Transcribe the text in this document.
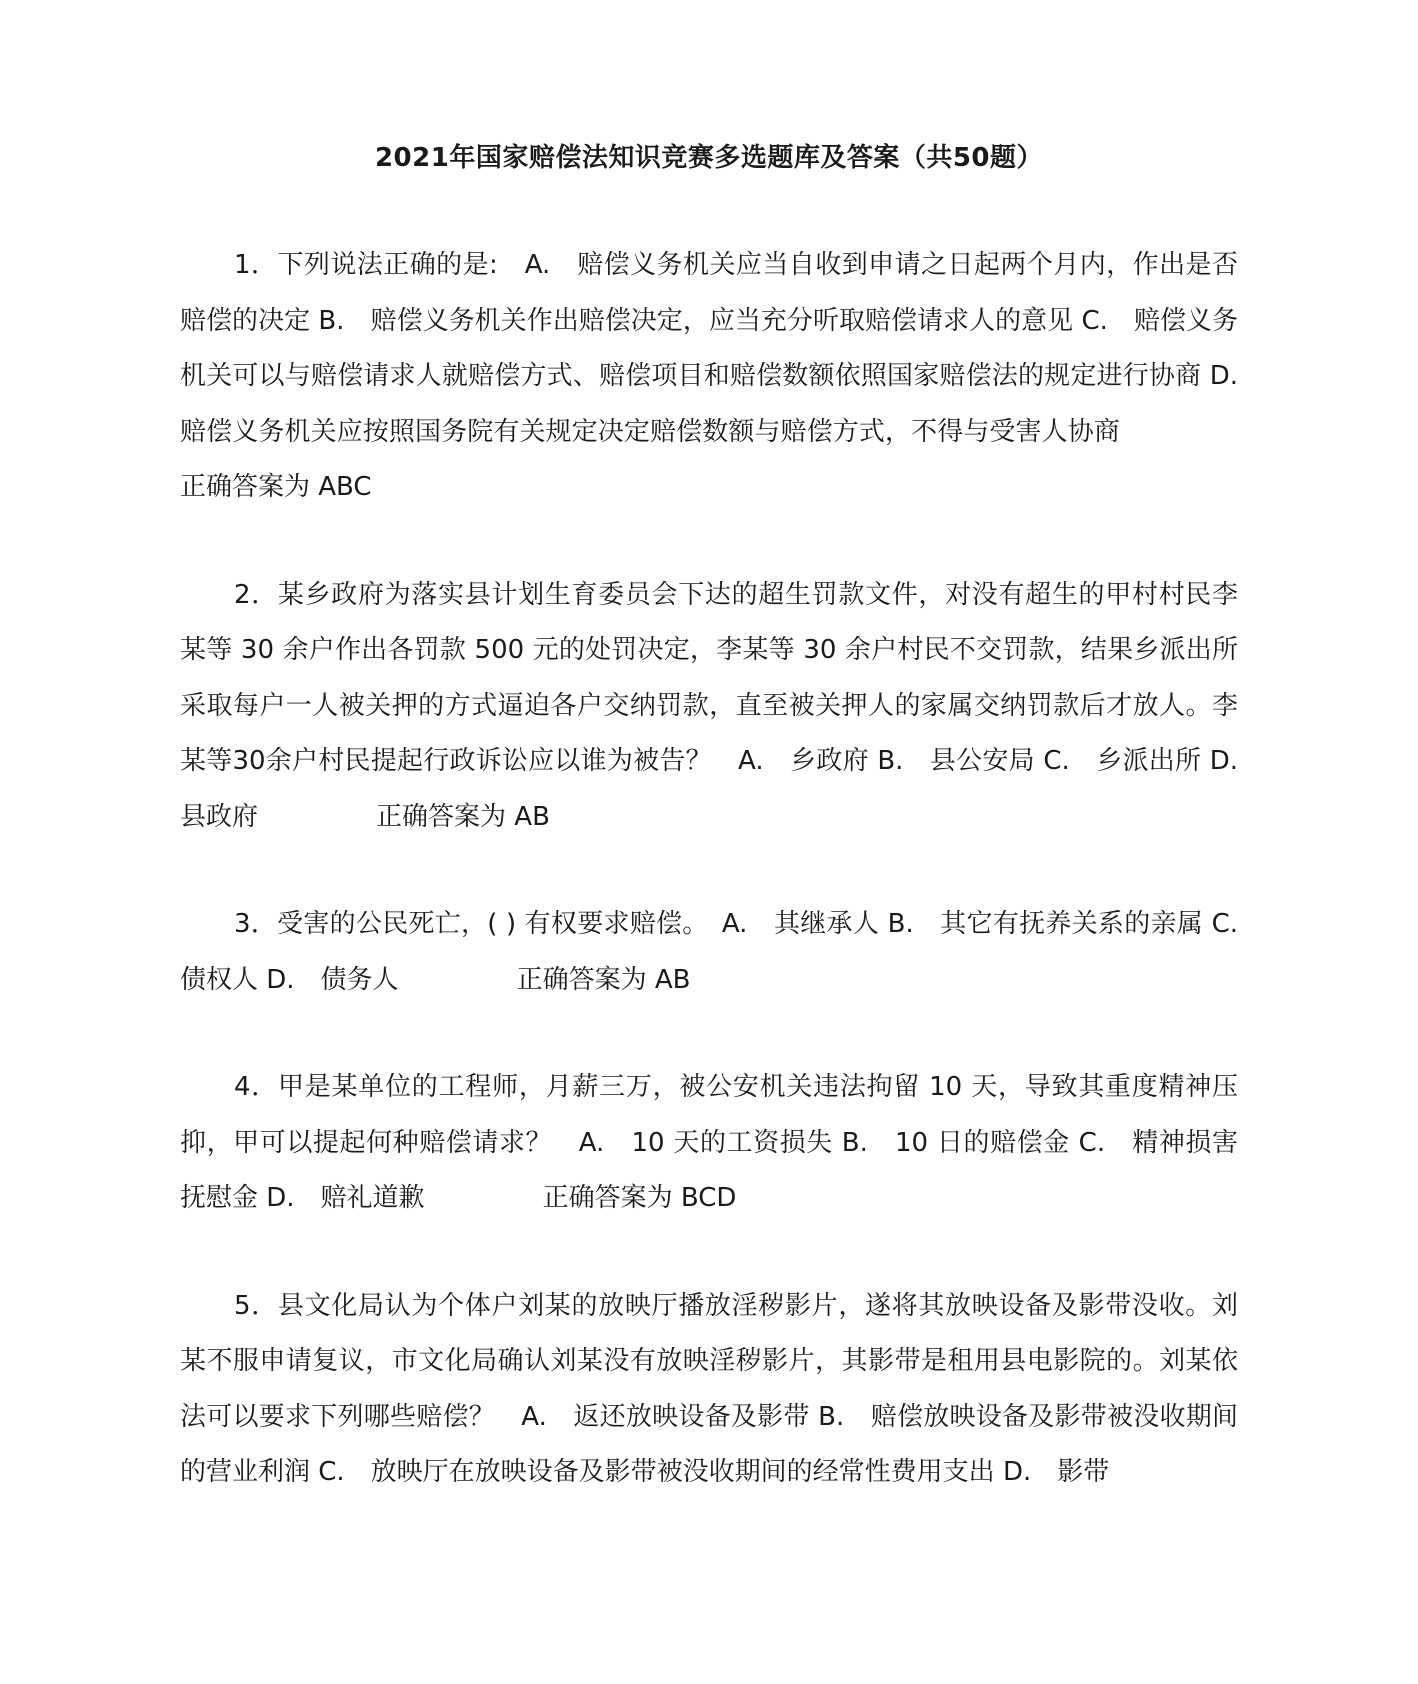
2021年国家赔偿法知识竞赛多选题库及答案（共50题）

1．下列说法正确的是:　A.　赔偿义务机关应当自收到申请之日起两个月内，作出是否赔偿的决定 B.　赔偿义务机关作出赔偿决定，应当充分听取赔偿请求人的意见 C.　赔偿义务机关可以与赔偿请求人就赔偿方式、赔偿项目和赔偿数额依照国家赔偿法的规定进行协商 D.　赔偿义务机关应按照国务院有关规定决定赔偿数额与赔偿方式，不得与受害人协商正确答案为 ABC

2．某乡政府为落实县计划生育委员会下达的超生罚款文件，对没有超生的甲村村民李某等 30 余户作出各罚款 500 元的处罚决定，李某等 30 余户村民不交罚款，结果乡派出所采取每户一人被关押的方式逼迫各户交纳罚款，直至被关押人的家属交纳罚款后才放人。李某等30余户村民提起行政诉讼应以谁为被告？　A.　乡政府 B.　县公安局 C.　乡派出所 D.　县政府	正确答案为 AB

3．受害的公民死亡，( ) 有权要求赔偿。　A.　其继承人 B.　其它有抚养关系的亲属 C.　债权人 D.　债务人	正确答案为 AB

4．甲是某单位的工程师，月薪三万，被公安机关违法拘留 10 天，导致其重度精神压抑，甲可以提起何种赔偿请求？　A.　10 天的工资损失 B.　10 日的赔偿金 C.　精神损害抚慰金 D.　赔礼道歉	正确答案为 BCD

5．县文化局认为个体户刘某的放映厅播放淫秽影片，遂将其放映设备及影带没收。刘某不服申请复议，市文化局确认刘某没有放映淫秽影片，其影带是租用县电影院的。刘某依法可以要求下列哪些赔偿？　A.　返还放映设备及影带 B.　赔偿放映设备及影带被没收期间的营业利润 C.　放映厅在放映设备及影带被没收期间的经常性费用支出 D.　影带
